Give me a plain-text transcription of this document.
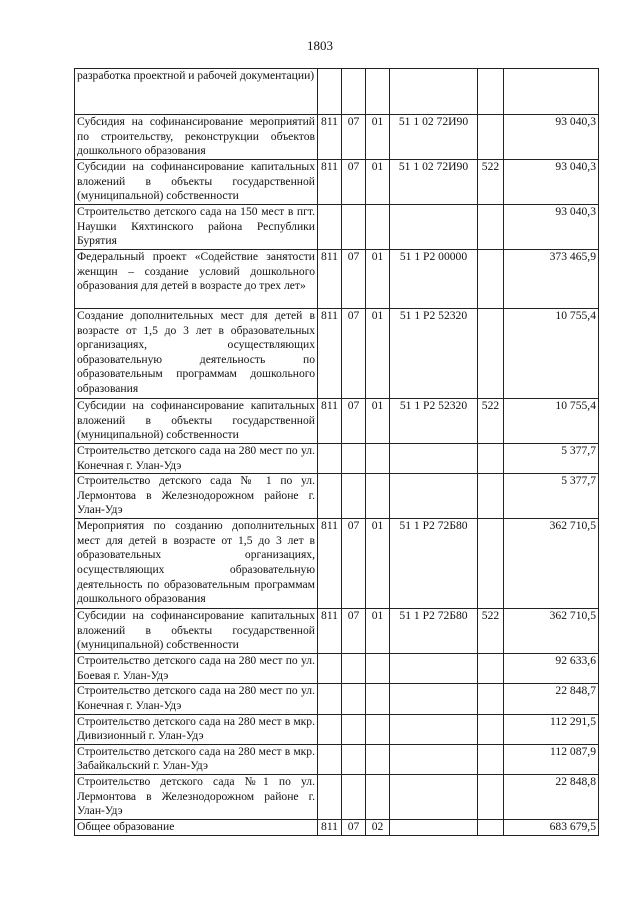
1803
разработка проектной и рабочей документации)						
Субсидия на софинансирование мероприятий по строительству, реконструкции объектов дошкольного образования	811	07	01	51 1 02 72И90		93 040,3
Субсидии на софинансирование капитальных вложений в объекты государственной (муниципальной) собственности	811	07	01	51 1 02 72И90	522	93 040,3
Строительство детского сада на 150 мест в пгт. Наушки Кяхтинского района Республики Бурятия						93 040,3
Федеральный проект «Содействие занятости женщин – создание условий дошкольного образования для детей в возрасте до трех лет»	811	07	01	51 1 P2 00000		373 465,9
Создание дополнительных мест для детей в возрасте от 1,5 до 3 лет в образовательных организациях, осуществляющих образовательную деятельность по образовательным программам дошкольного образования	811	07	01	51 1 P2 52320		10 755,4
Субсидии на софинансирование капитальных вложений в объекты государственной (муниципальной) собственности	811	07	01	51 1 P2 52320	522	10 755,4
Строительство детского сада на 280 мест по ул. Конечная г. Улан-Удэ						5 377,7
Строительство детского сада № 1 по ул. Лермонтова в Железнодорожном районе г. Улан-Удэ						5 377,7
Мероприятия по созданию дополнительных мест для детей в возрасте от 1,5 до 3 лет в образовательных организациях, осуществляющих образовательную деятельность по образовательным программам дошкольного образования	811	07	01	51 1 P2 72Б80		362 710,5
Субсидии на софинансирование капитальных вложений в объекты государственной (муниципальной) собственности	811	07	01	51 1 P2 72Б80	522	362 710,5
Строительство детского сада на 280 мест по ул. Боевая г. Улан-Удэ						92 633,6
Строительство детского сада на 280 мест по ул. Конечная г. Улан-Удэ						22 848,7
Строительство детского сада на 280 мест в мкр. Дивизионный г. Улан-Удэ						112 291,5
Строительство детского сада на 280 мест в мкр. Забайкальский г. Улан-Удэ						112 087,9
Строительство детского сада №1 по ул. Лермонтова в Железнодорожном районе г. Улан-Удэ						22 848,8
Общее образование	811	07	02			683 679,5
